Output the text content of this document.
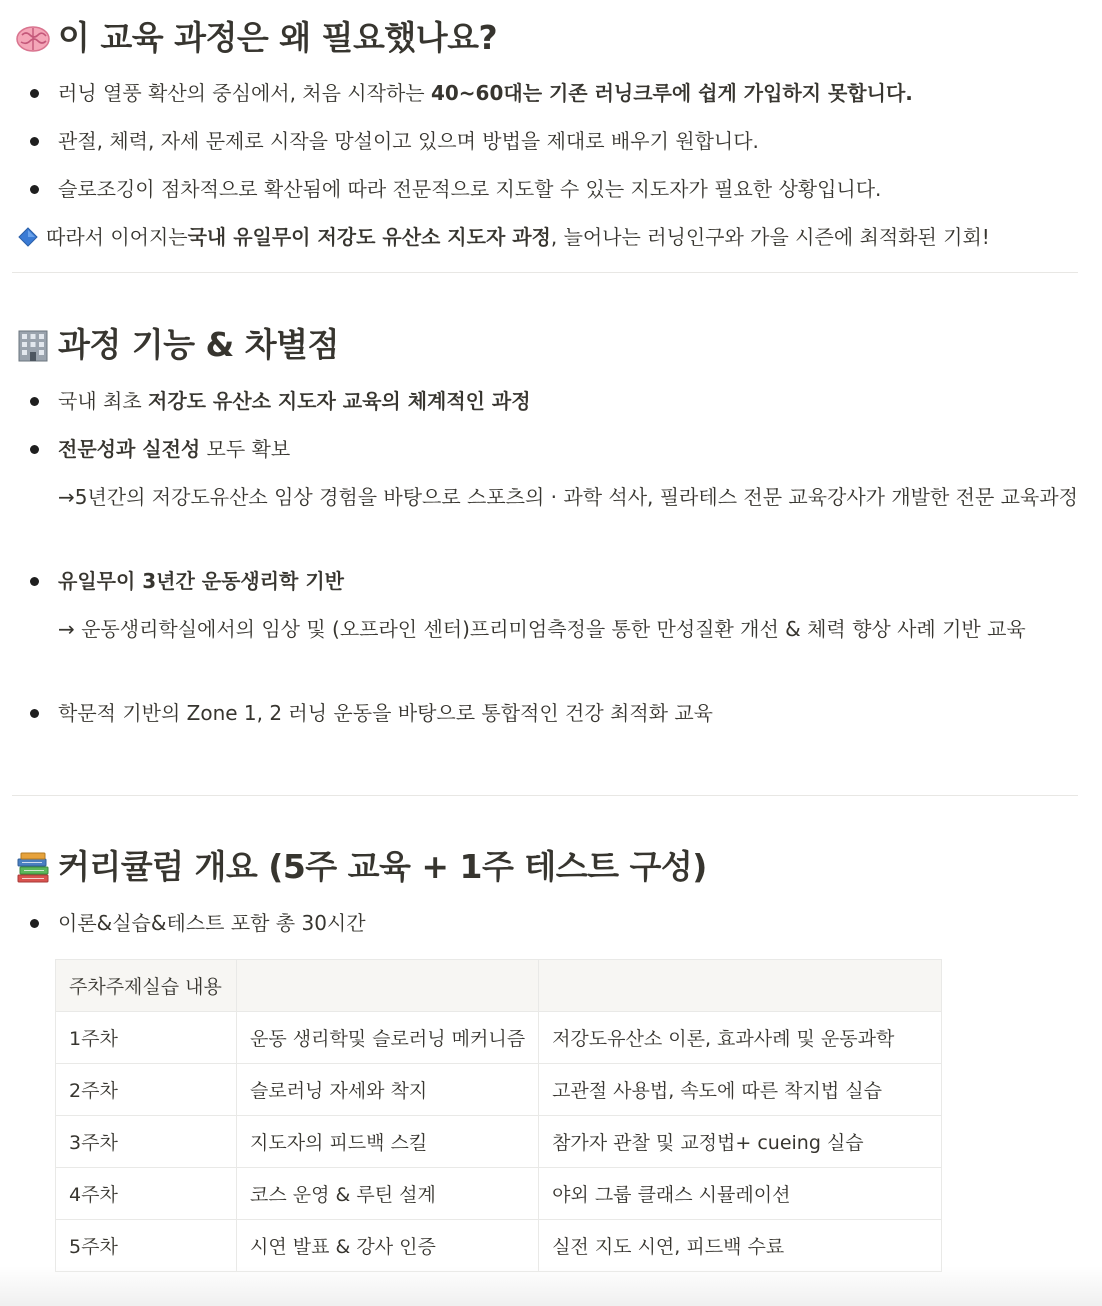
이 교육 과정은 왜 필요했나요?
러닝 열풍 확산의 중심에서, 처음 시작하는 40~60대는 기존 러닝크루에 쉽게 가입하지 못합니다.
관절, 체력, 자세 문제로 시작을 망설이고 있으며 방법을 제대로 배우기 원합니다.
슬로조깅이 점차적으로 확산됨에 따라 전문적으로 지도할 수 있는 지도자가 필요한 상황입니다.
따라서 이어지는 국내 유일무이 저강도 유산소 지도자 과정 , 늘어나는 러닝인구와 가을 시즌에 최적화된 기회!
과정 기능 & 차별점
국내 최초 저강도 유산소 지도자 교육의 체계적인 과정
전문성과 실전성 모두 확보
→5년간의 저강도유산소 임상 경험을 바탕으로 스포츠의 · 과학 석사, 필라테스 전문 교육강사가 개발한 전문 교육과정
유일무이 3년간 운동생리학 기반
→ 운동생리학실에서의 임상 및 (오프라인 센터)프리미엄측정을 통한 만성질환 개선 & 체력 향상 사례 기반 교육
학문적 기반의 Zone 1, 2 러닝 운동을 바탕으로 통합적인 건강 최적화 교육
커리큘럼 개요 (5주 교육 + 1주 테스트 구성)
이론&실습&테스트 포함 총 30시간
주차주제실습 내용		
1주차	운동 생리학및 슬로러닝 메커니즘	저강도유산소 이론, 효과사례 및 운동과학
2주차	슬로러닝 자세와 착지	고관절 사용법, 속도에 따른 착지법 실습
3주차	지도자의 피드백 스킬	참가자 관찰 및 교정법+ cueing 실습
4주차	코스 운영 & 루틴 설계	야외 그룹 클래스 시뮬레이션
5주차	시연 발표 & 강사 인증	실전 지도 시연, 피드백 수료
